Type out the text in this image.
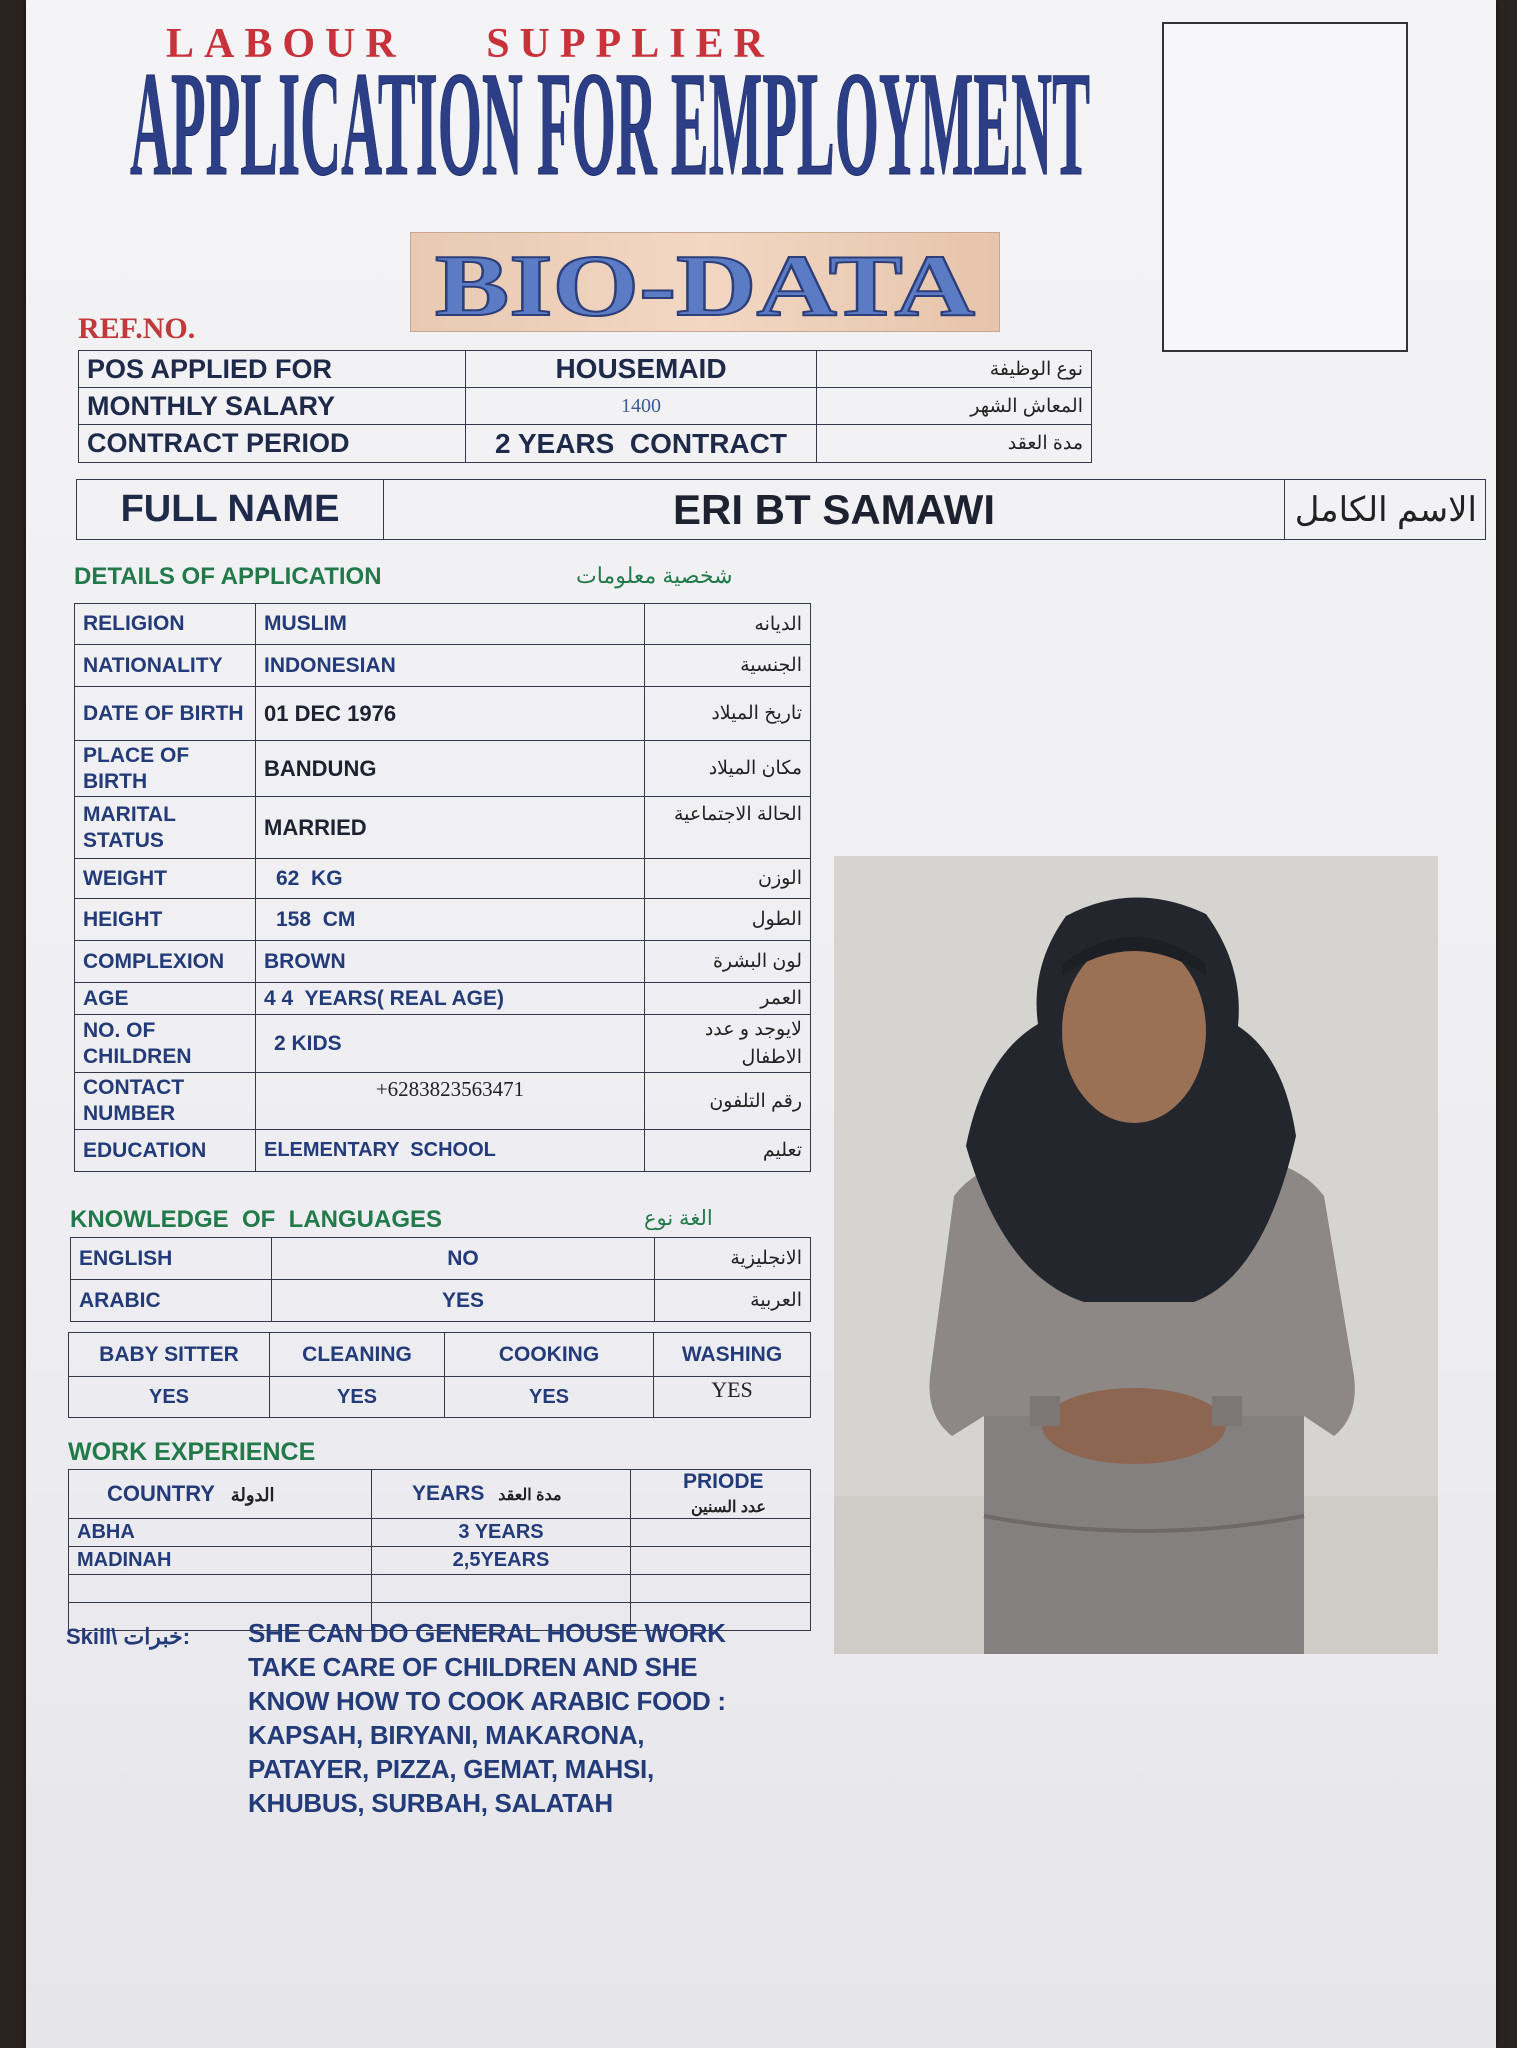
LABOUR SUPPLIER
APPLICATION FOR EMPLOYMENT
BIO-DATA
REF.NO.
POS APPLIED FOR	HOUSEMAID	نوع الوظيفة
MONTHLY SALARY	1400	المعاش الشهر
CONTRACT PERIOD	2 YEARS  CONTRACT	مدة العقد
FULL NAME	ERI BT SAMAWI	الاسم الكامل
DETAILS OF APPLICATION	شخصية معلومات
RELIGION	MUSLIM	الديانه
NATIONALITY	INDONESIAN	الجنسية
DATE OF BIRTH	01 DEC 1976	تاريخ الميلاد
PLACE OF BIRTH	BANDUNG	مكان الميلاد
MARITAL STATUS	MARRIED	الحالة الاجتماعية
WEIGHT	62  KG	الوزن
HEIGHT	158  CM	الطول
COMPLEXION	BROWN	لون البشرة
AGE	4 4  YEARS( REAL AGE)	العمر
NO. OF CHILDREN	2 KIDS	لايوجد و عدد الاطفال
CONTACT NUMBER	+6283823563471	رقم التلفون
EDUCATION	ELEMENTARY  SCHOOL	تعليم
KNOWLEDGE  OF  LANGUAGES	الغة نوع
ENGLISH	NO	الانجليزية
ARABIC	YES	العربية
BABY SITTER	CLEANING	COOKING	WASHING
YES	YES	YES	YES
WORK EXPERIENCE
COUNTRY الدولة	YEARS مدة العقد	PRIODE عدد السنين
ABHA	3 YEARS	
MADINAH	2,5YEARS	

Skill\ خبرات: SHE CAN DO GENERAL HOUSE WORK
TAKE CARE OF CHILDREN AND SHE
KNOW HOW TO COOK ARABIC FOOD :
KAPSAH, BIRYANI, MAKARONA,
PATAYER, PIZZA, GEMAT, MAHSI,
KHUBUS, SURBAH, SALATAH
